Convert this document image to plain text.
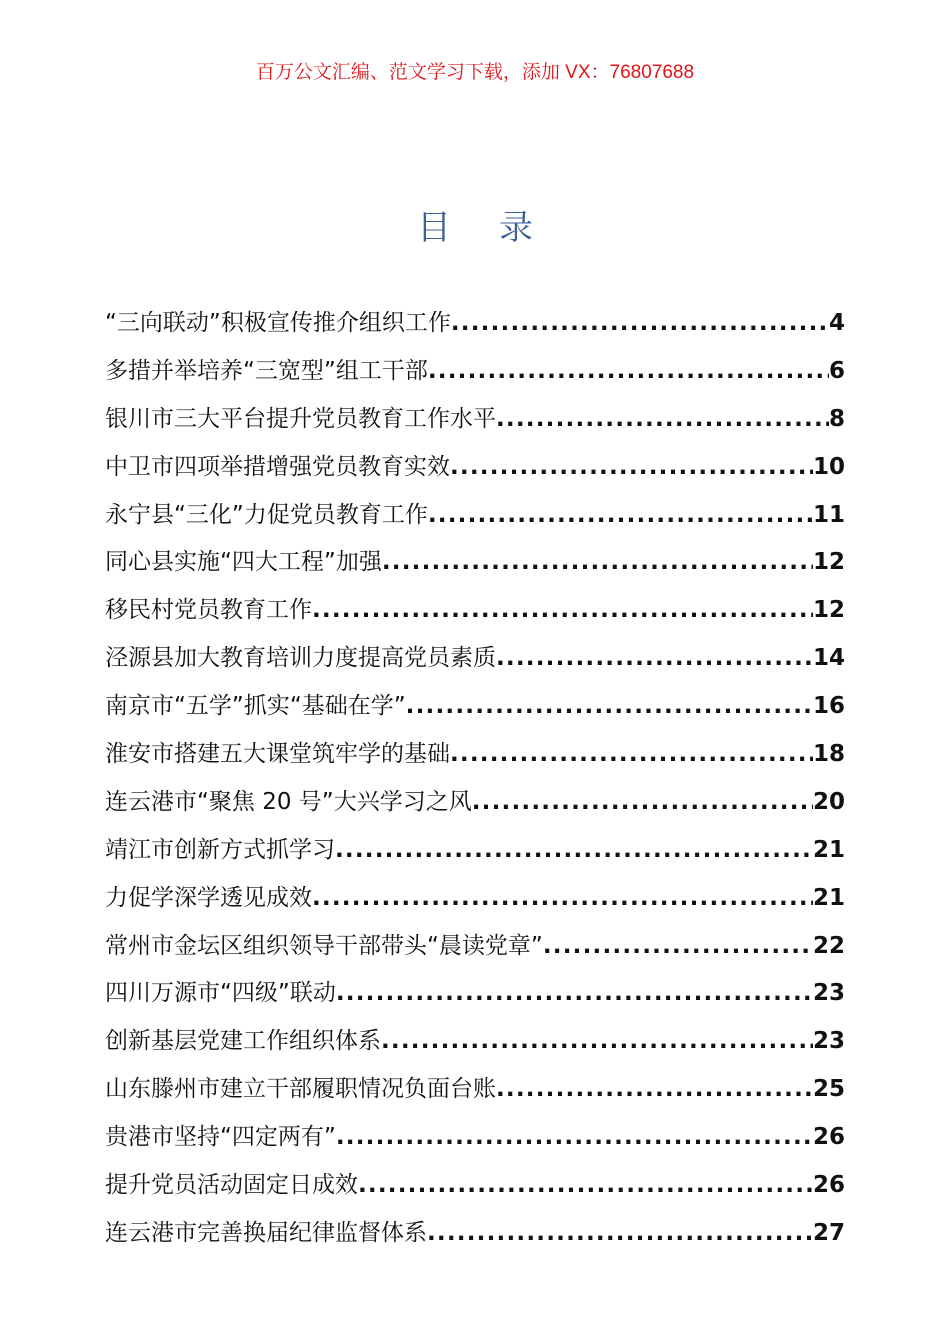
百万公文汇编、范文学习下载，添加 VX：76807688
目 录
“三向联动”积极宣传推介组织工作 .....	4
多措并举培养“三宽型”组工干部 .....	6
银川市三大平台提升党员教育工作水平 .....	8
中卫市四项举措增强党员教育实效 .....	10
永宁县“三化”力促党员教育工作 .....	11
同心县实施“四大工程”加强 .....	12
移民村党员教育工作 .....	12
泾源县加大教育培训力度提高党员素质 .....	14
南京市“五学”抓实“基础在学” .....	16
淮安市搭建五大课堂筑牢学的基础 .....	18
连云港市“聚焦 20 号”大兴学习之风 .....	20
靖江市创新方式抓学习 .....	21
力促学深学透见成效 .....	21
常州市金坛区组织领导干部带头“晨读党章” .....	22
四川万源市“四级”联动 .....	23
创新基层党建工作组织体系 .....	23
山东滕州市建立干部履职情况负面台账 .....	25
贵港市坚持“四定两有” .....	26
提升党员活动固定日成效 .....	26
连云港市完善换届纪律监督体系 .....	27
